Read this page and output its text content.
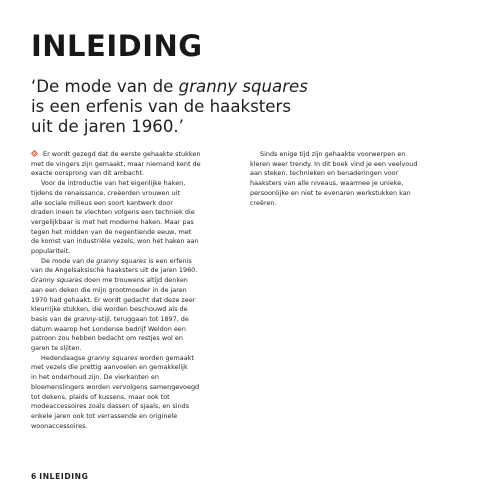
INLEIDING
‘De mode van de granny squares
is een erfenis van de haaksters
uit de jaren 1960.’

Er wordt gezegd dat de eerste gehaakte stukken
met de vingers zijn gemaakt, maar niemand kent de
exacte oorsprong van dit ambacht.

Voor de introductie van het eigenlijke haken,
tijdens de renaissance, creëerden vrouwen uit
alle sociale milieus een soort kantwerk door
draden ineen te vlechten volgens een techniek die
vergelijkbaar is met het moderne haken. Maar pas
tegen het midden van de negentiende eeuw, met
de komst van industriële vezels, won het haken aan
populariteit.

De mode van de granny squares is een erfenis
van de Angelsaksische haaksters uit de jaren 1960.
Granny squares doen me trouwens altijd denken
aan een deken die mijn grootmoeder in de jaren
1970 had gehaakt. Er wordt gedacht dat deze zeer
kleurrijke stukken, die worden beschouwd als de
basis van de granny-stijl, teruggaan tot 1897, de
datum waarop het Londense bedrijf Weldon een
patroon zou hebben bedacht om restjes wol en
garen te sljiten.

Hedendaagse granny squares worden gemaakt
met vezels die prettig aanvoelen en gemakkelijk
in het onderhoud zijn. De vierkanten en
bloemenslingers worden vervolgens samengevoegd
tot dekens, plaids of kussens, maar ook tot
modeaccessoires zoals dassen of sjaals, en sinds
enkele jaren ook tot verrassende en originele
woonaccessoires.

Sinds enige tijd zijn gehaakte voorwerpen en
kleren weer trendy. In dit boek vind je een veelvoud
aan steken, technieken en benaderingen voor
haaksters van alle niveaus, waarmee je unieke,
persoonlijke en niet te evenaren werkstukken kan
creëren.

6 INLEIDING
